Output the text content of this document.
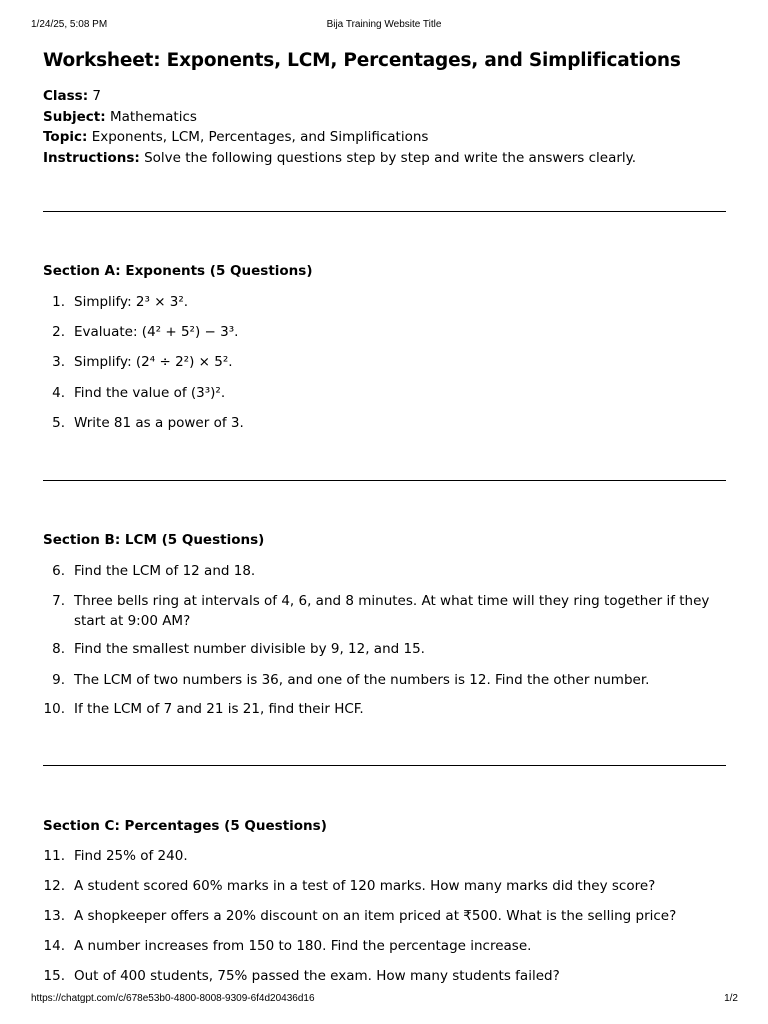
1/24/25, 5:08 PM	Bija Training Website Title
Worksheet: Exponents, LCM, Percentages, and Simplifications
Class: 7
Subject: Mathematics
Topic: Exponents, LCM, Percentages, and Simplifications
Instructions: Solve the following questions step by step and write the answers clearly.
Section A: Exponents (5 Questions)
1. Simplify: 2³ × 3².
2. Evaluate: (4² + 5²) − 3³.
3. Simplify: (2⁴ ÷ 2²) × 5².
4. Find the value of (3³)².
5. Write 81 as a power of 3.
Section B: LCM (5 Questions)
6. Find the LCM of 12 and 18.
7. Three bells ring at intervals of 4, 6, and 8 minutes. At what time will they ring together if they start at 9:00 AM?
8. Find the smallest number divisible by 9, 12, and 15.
9. The LCM of two numbers is 36, and one of the numbers is 12. Find the other number.
10. If the LCM of 7 and 21 is 21, find their HCF.
Section C: Percentages (5 Questions)
11. Find 25% of 240.
12. A student scored 60% marks in a test of 120 marks. How many marks did they score?
13. A shopkeeper offers a 20% discount on an item priced at ₹500. What is the selling price?
14. A number increases from 150 to 180. Find the percentage increase.
15. Out of 400 students, 75% passed the exam. How many students failed?
https://chatgpt.com/c/678e53b0-4800-8008-9309-6f4d20436d16	1/2
